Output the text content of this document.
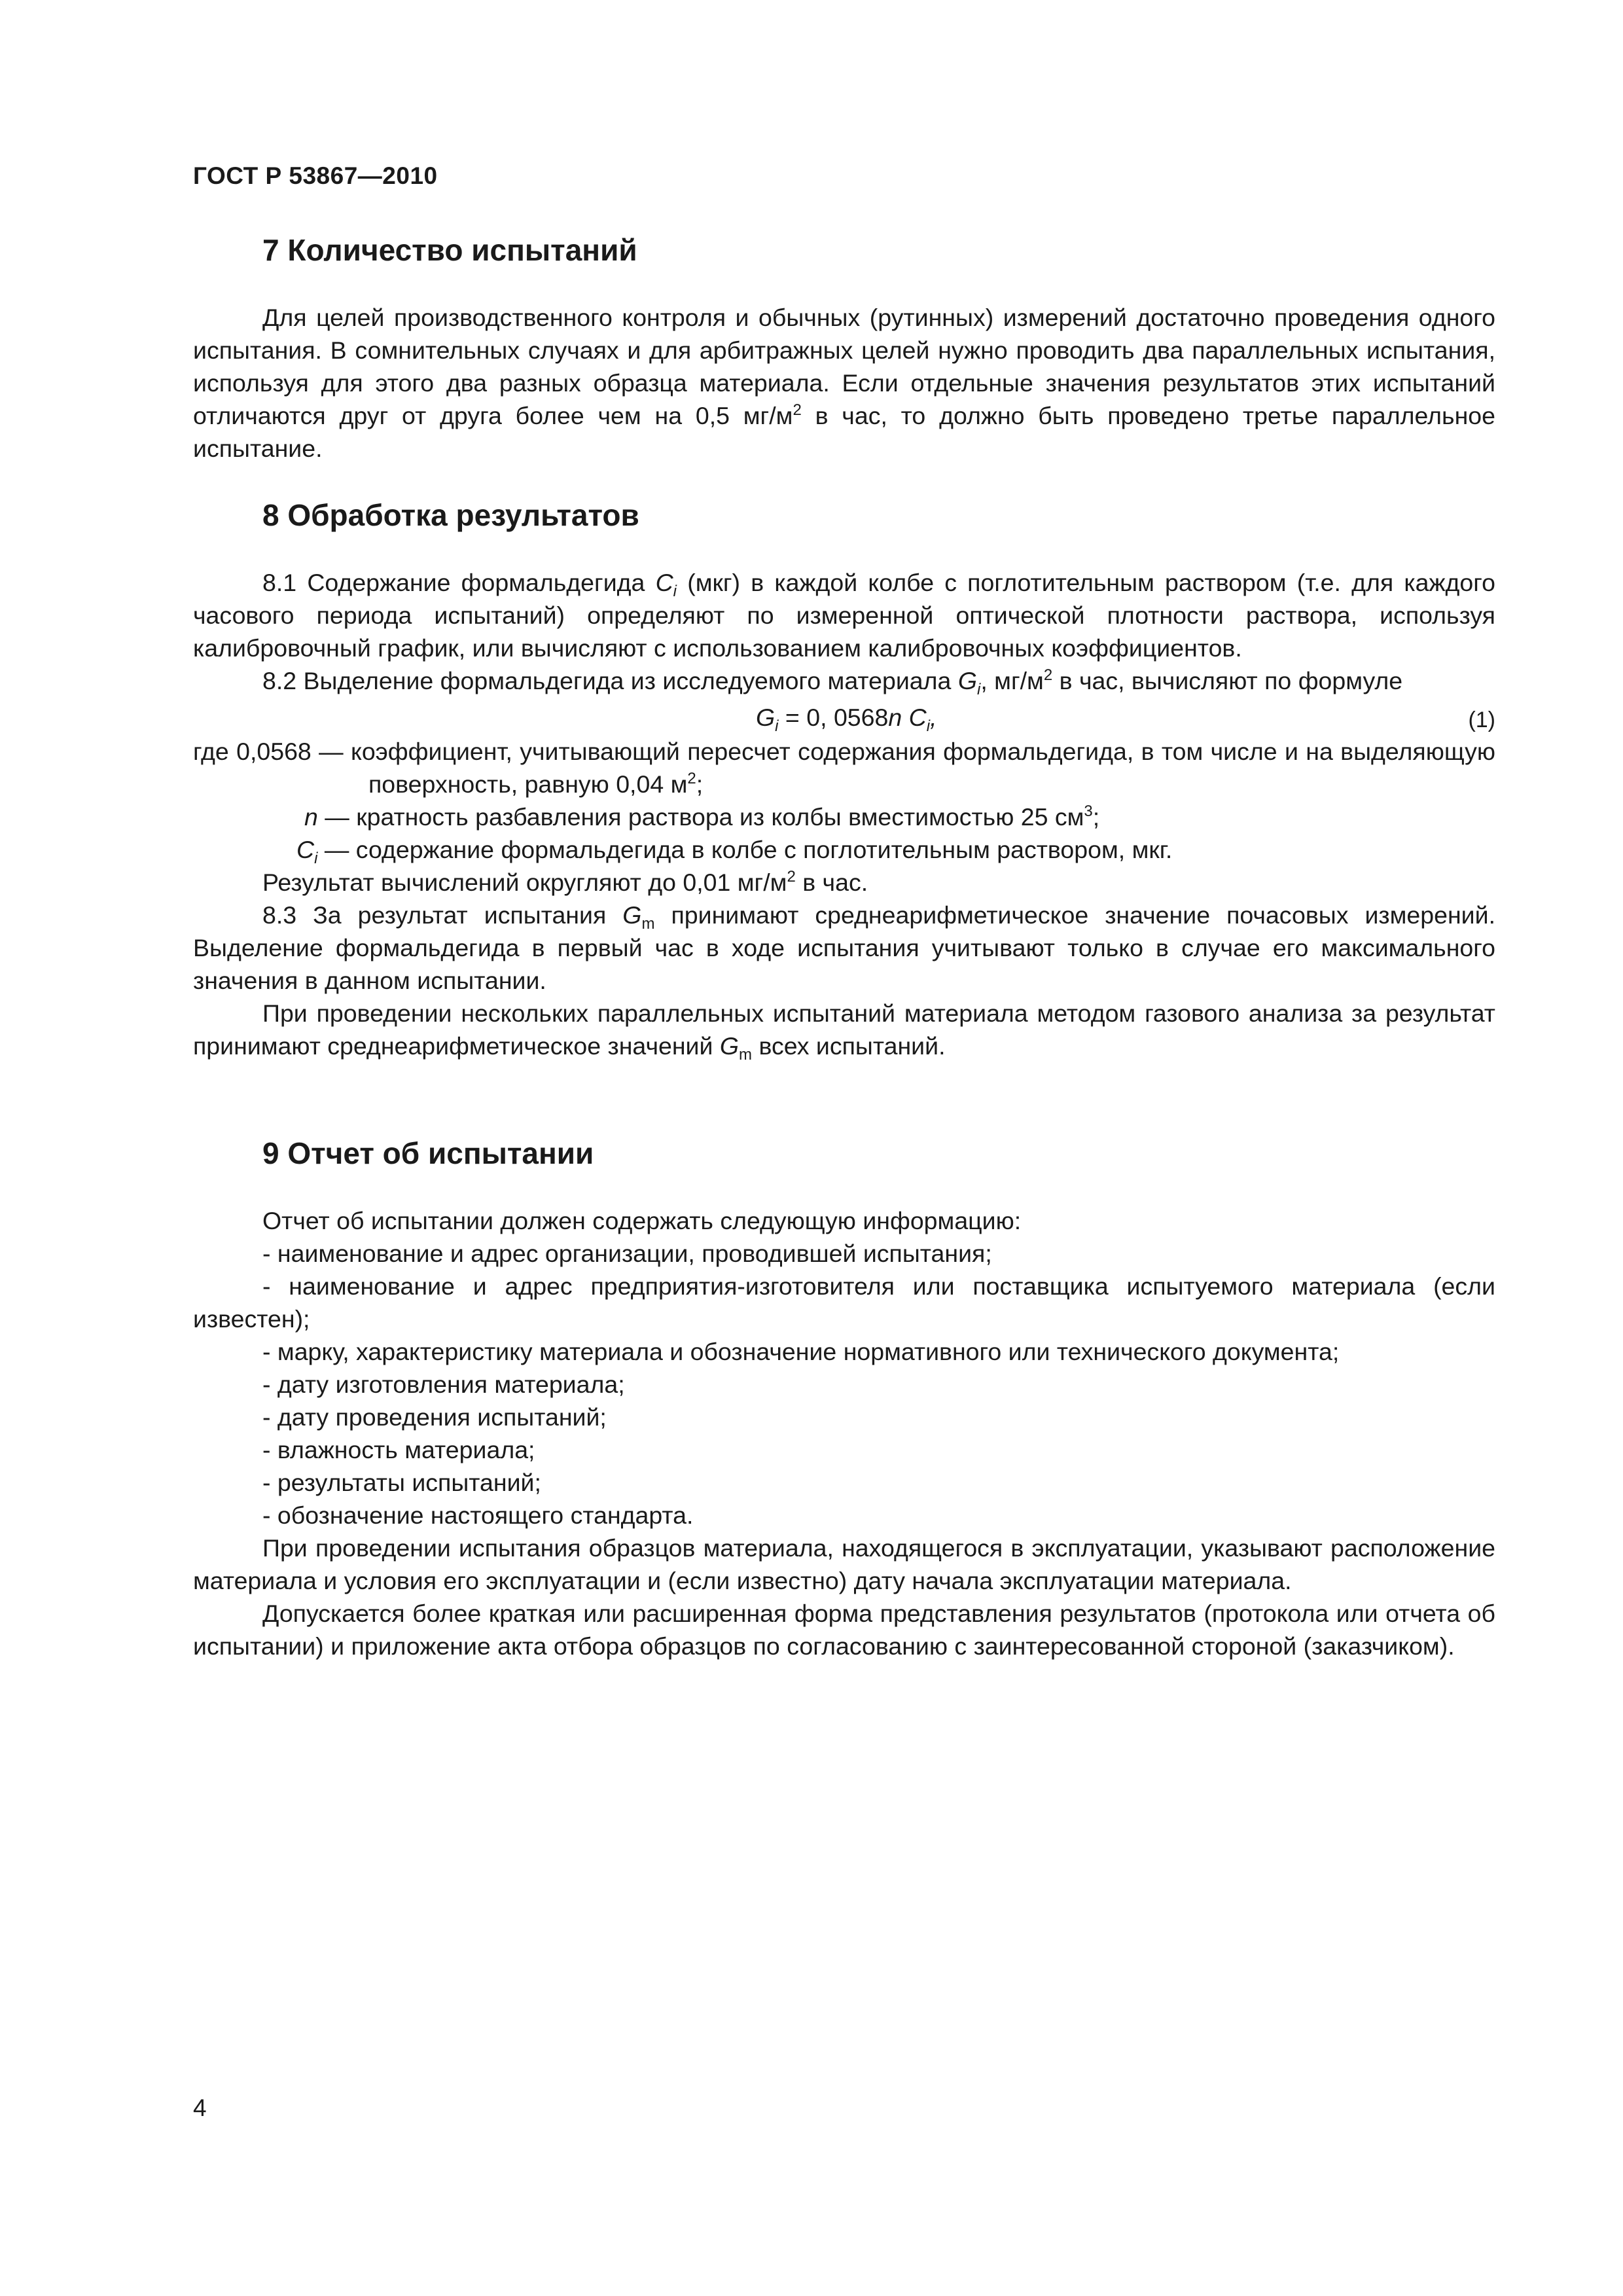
ГОСТ Р 53867—2010
7 Количество испытаний

Для целей производственного контроля и обычных (рутинных) измерений достаточно проведения одного испытания. В сомнительных случаях и для арбитражных целей нужно проводить два параллельных испытания, используя для этого два разных образца материала. Если отдельные значения результатов этих испытаний отличаются друг от друга более чем на 0,5 $мг/м^2$ в час, то должно быть проведено третье параллельное испытание.

8 Обработка результатов

8.1 Содержание формальдегида $C_i$ (мкг) в каждой колбе с поглотительным раствором (т.е. для каждого часового периода испытаний) определяют по измеренной оптической плотности раствора, используя калибровочный график, или вычисляют с использованием калибровочных коэффициентов.

8.2 Выделение формальдегида из исследуемого материала $G_i$, $мг/м^2$ в час, вычисляют по формуле

$G_i = 0$, 0568n $C_i$,	(1)
где 0,0568 — коэффициент, учитывающий пересчет содержания формальдегида, в том числе и на выделяющую поверхность, равную 0,04 $м^2$;
n — кратность разбавления раствора из колбы вместимостью 25 $см^3$;
$C_i$ — содержание формальдегида в колбе с поглотительным раствором, мкг.
Результат вычислений округляют до 0,01 $мг/м^2$ в час.

8.3 За результат испытания $G_m$ принимают среднеарифметическое значение почасовых измерений. Выделение формальдегида в первый час в ходе испытания учитывают только в случае его максимального значения в данном испытании.

При проведении нескольких параллельных испытаний материала методом газового анализа за результат принимают среднеарифметическое значений $G_m$ всех испытаний.

9 Отчет об испытании

Отчет об испытании должен содержать следующую информацию:

- наименование и адрес организации, проводившей испытания;

- наименование и адрес предприятия-изготовителя или поставщика испытуемого материала (если известен);

- марку, характеристику материала и обозначение нормативного или технического документа;

- дату изготовления материала;

- дату проведения испытаний;

- влажность материала;

- результаты испытаний;

- обозначение настоящего стандарта.

При проведении испытания образцов материала, находящегося в эксплуатации, указывают расположение материала и условия его эксплуатации и (если известно) дату начала эксплуатации материала.

Допускается более краткая или расширенная форма представления результатов (протокола или отчета об испытании) и приложение акта отбора образцов по согласованию с заинтересованной стороной (заказчиком).

4
